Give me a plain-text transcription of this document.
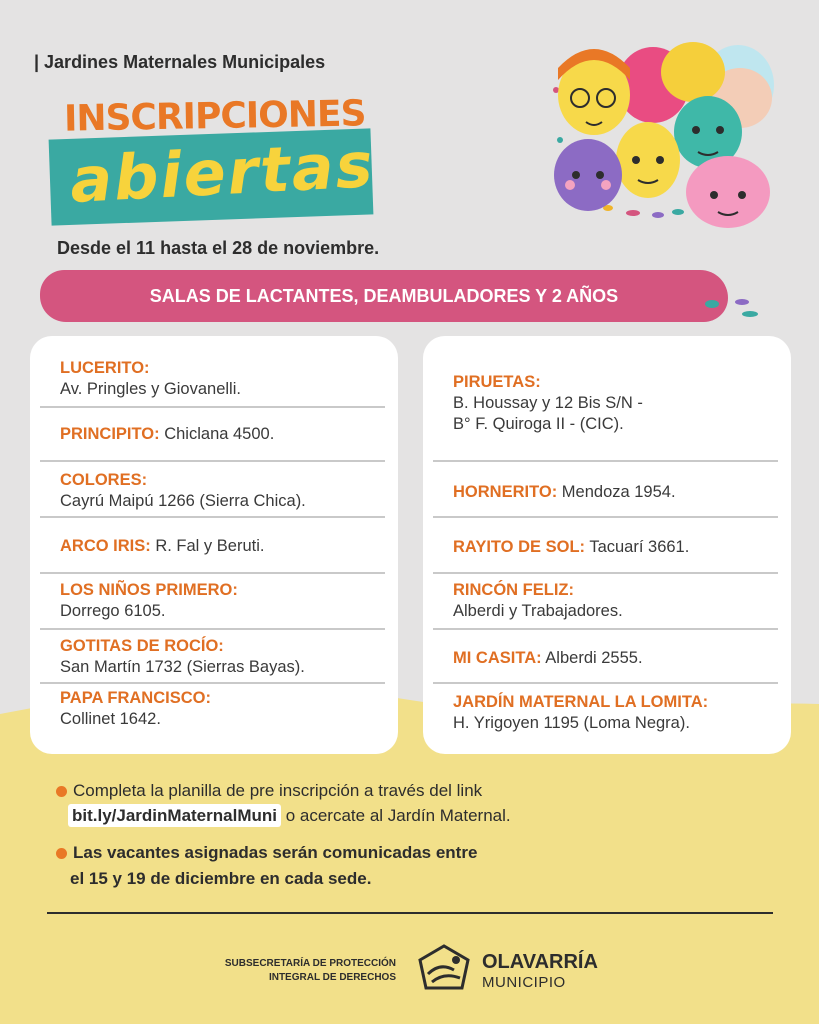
| Jardines Maternales Municipales
INSCRIPCIONES
abiertas
Desde el 11 hasta el 28 de noviembre.
SALAS DE LACTANTES, DEAMBULADORES Y 2 AÑOS
LUCERITO:
Av. Pringles y Giovanelli.
PRINCIPITO: Chiclana 4500.
COLORES:
Cayrú Maipú 1266 (Sierra Chica).
ARCO IRIS: R. Fal y Beruti.
LOS NIÑOS PRIMERO:
Dorrego 6105.
GOTITAS DE ROCÍO:
San Martín 1732 (Sierras Bayas).
PAPA FRANCISCO:
Collinet 1642.
PIRUETAS:
B. Houssay y 12 Bis S/N -
B° F. Quiroga II - (CIC).
HORNERITO: Mendoza 1954.
RAYITO DE SOL: Tacuarí 3661.
RINCÓN FELIZ:
Alberdi y Trabajadores.
MI CASITA: Alberdi 2555.
JARDÍN MATERNAL LA LOMITA:
H. Yrigoyen 1195 (Loma Negra).
Completa la planilla de pre inscripción a través del link
bit.ly/JardinMaternalMuni o acercate al Jardín Maternal.
Las vacantes asignadas serán comunicadas entre
el 15 y 19 de diciembre en cada sede.
SUBSECRETARÍA DE PROTECCIÓN
INTEGRAL DE DERECHOS
OLAVARRÍA
MUNICIPIO
